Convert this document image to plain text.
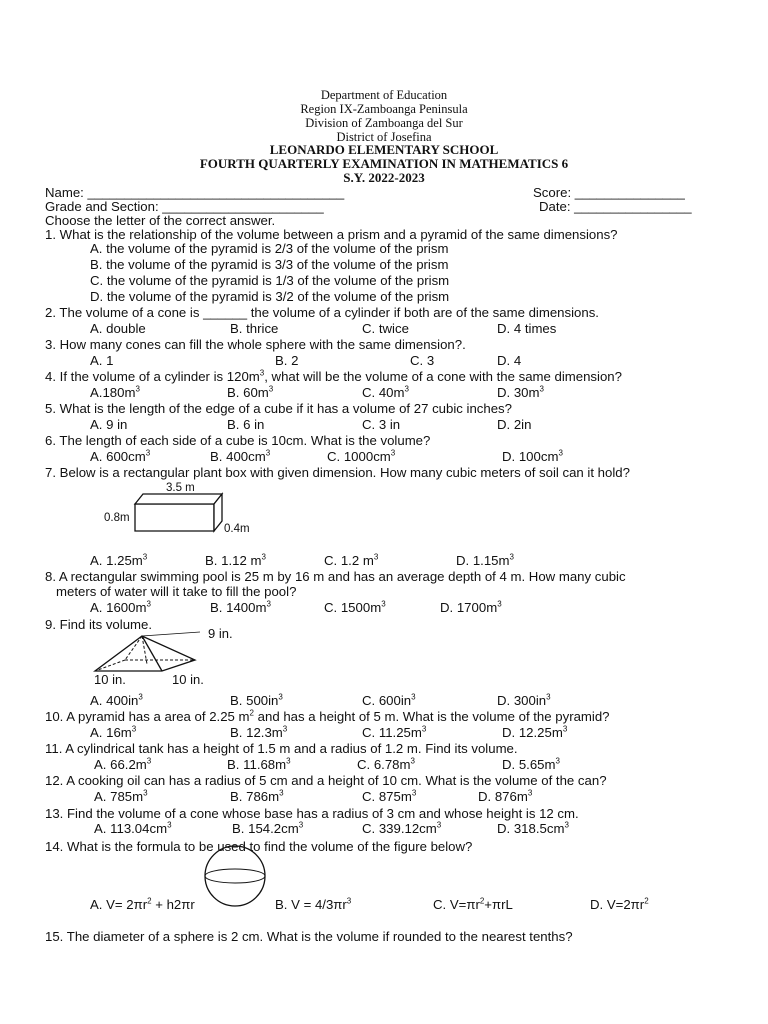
Department of Education
Region IX-Zamboanga Peninsula
Division of Zamboanga del Sur
District of Josefina
LEONARDO ELEMENTARY SCHOOL
FOURTH QUARTERLY EXAMINATION IN MATHEMATICS 6
S.Y. 2022-2023
Name: ___________________________________	Score: _______________
Grade and Section: ______________________	Date: ________________
Choose the letter of the correct answer.
1. What is the relationship of the volume between a prism and a pyramid of the same dimensions?
A. the volume of the pyramid is 2/3 of the volume of the prism
B. the volume of the pyramid is 3/3 of the volume of the prism
C. the volume of the pyramid is 1/3 of the volume of the prism
D. the volume of the pyramid is 3/2 of the volume of the prism
2. The volume of a cone is ______ the volume of a cylinder if both are of the same dimensions.
A. double	B. thrice	C. twice	D. 4 times
3. How many cones can fill the whole sphere with the same dimension?.
A. 1	B. 2	C. 3	D. 4
4. If the volume of a cylinder is $120m^3$, what will be the volume of a cone with the same dimension?
$A.180m^3$	B. $60m^3$	C. $40m^3$	D. $30m^3$
5. What is the length of the edge of a cube if it has a volume of 27 cubic inches?
A. 9 in	B. 6 in	C. 3 in	D. 2in
6. The length of each side of a cube is 10cm. What is the volume?
A. $600cm^3$	B. $400cm^3$	C. $1000cm^3$	D. $100cm^3$
7. Below is a rectangular plant box with given dimension. How many cubic meters of soil can it hold?
3.5 m
0.8m
0.4m
A. $1.25m^3$	B. 1.12 $m^3$	C. 1.2 $m^3$	D. $1.15m^3$
8. A rectangular swimming pool is 25 m by 16 m and has an average depth of 4 m. How many cubic
meters of water will it take to fill the pool?
A. $1600m^3$	B. $1400m^3$	C. $1500m^3$	D. $1700m^3$
9. Find its volume.
9 in.
10 in.	10 in.
A. $400in^3$	B. $500in^3$	C. $600in^3$	D. $300in^3$
10. A pyramid has a area of 2.25 $m^2$ and has a height of 5 m. What is the volume of the pyramid?
A. $16m^3$	B. $12.3m^3$	C. $11.25m^3$	D. $12.25m^3$
11. A cylindrical tank has a height of 1.5 m and a radius of 1.2 m. Find its volume.
A. $66.2m^3$	B. $11.68m^3$	C. $6.78m^3$	D. $5.65m^3$
12. A cooking oil can has a radius of 5 cm and a height of 10 cm. What is the volume of the can?
A. $785m^3$	B. $786m^3$	C. $875m^3$	D. $876m^3$
13. Find the volume of a cone whose base has a radius of 3 cm and whose height is 12 cm.
A. $113.04cm^3$	B. $154.2cm^3$	C. $339.12cm^3$	D. $318.5cm^3$
14. What is the formula to be used to find the volume of the figure below?
A. $V= 2\pi r^2 + h2\pi r$	B. $V = 4/3\pi r^3$	C. $V=\pi r^2+\pi rL$	D. $V=2\pi r^2$
15. The diameter of a sphere is 2 cm. What is the volume if rounded to the nearest tenths?
